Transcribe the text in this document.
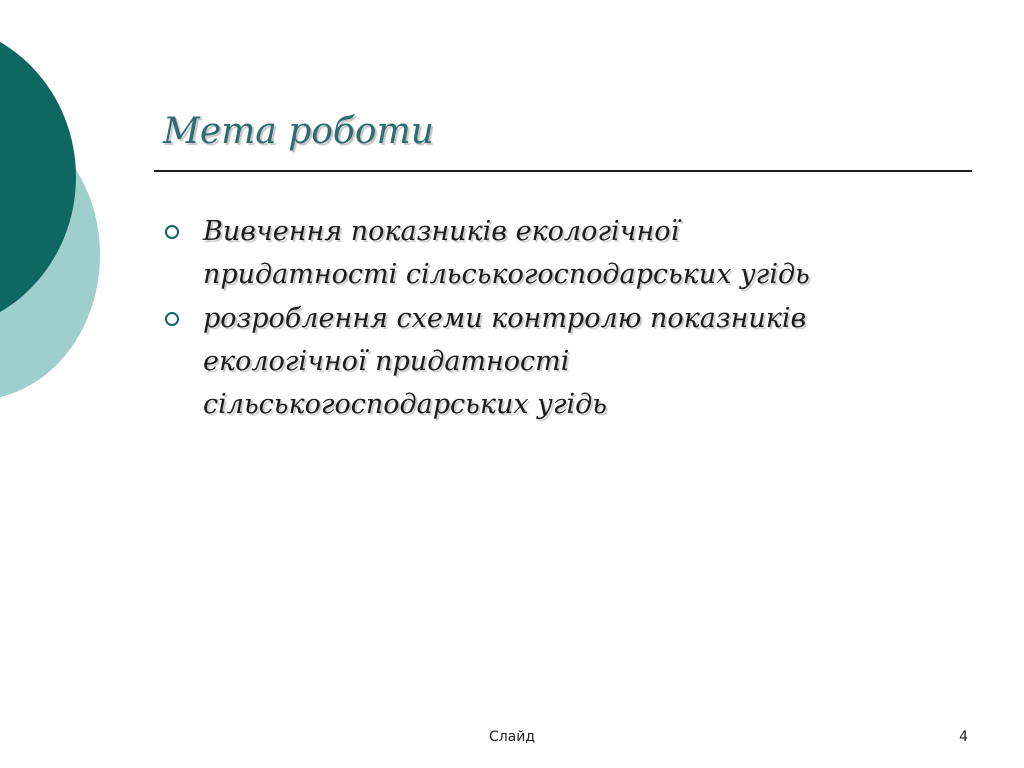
Мета роботи
Вивчення показників екологічної
придатності сільськогосподарських угідь
розроблення схеми контролю показників
екологічної придатності
сільськогосподарських угідь
Слайд	4
